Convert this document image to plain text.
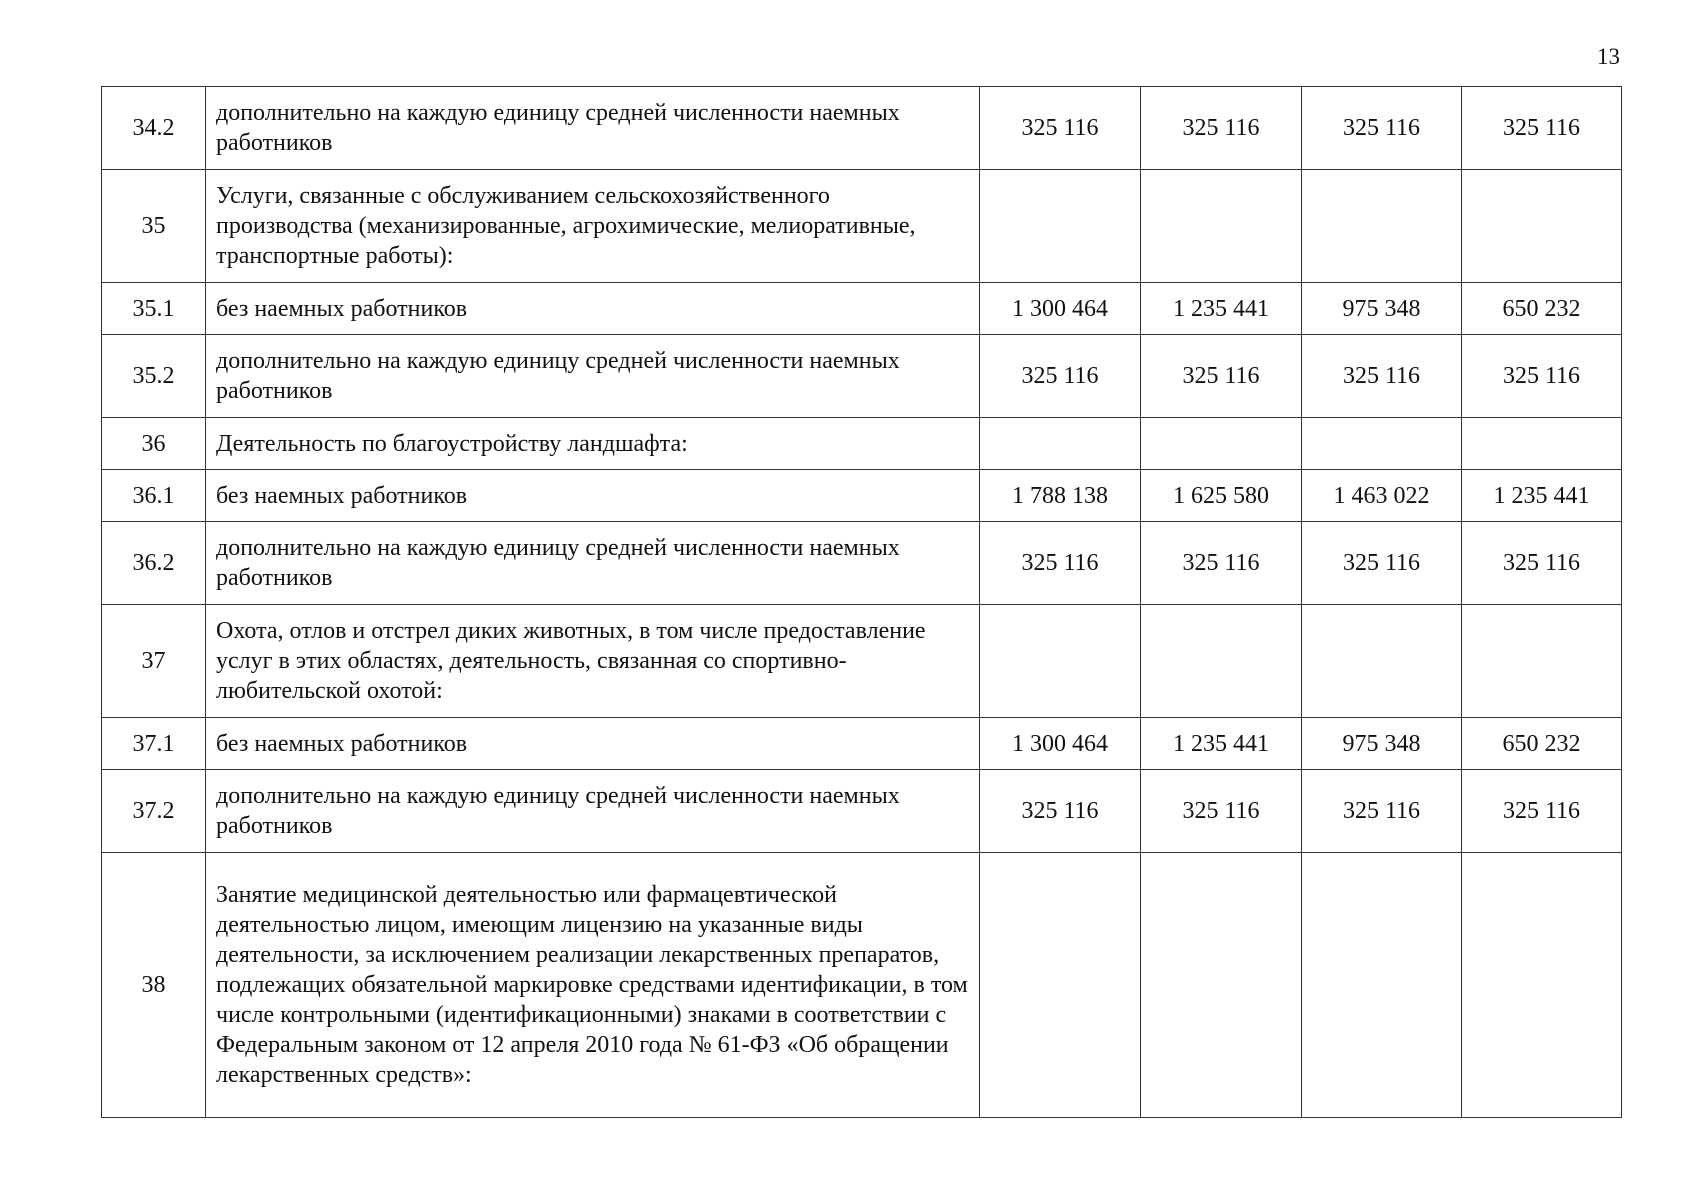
13
34.2	дополнительно на каждую единицу средней численности наемных работников	325 116	325 116	325 116	325 116
35	Услуги, связанные с обслуживанием сельскохозяйственного производства (механизированные, агрохимические, мелиоративные, транспортные работы):				
35.1	без наемных работников	1 300 464	1 235 441	975 348	650 232
35.2	дополнительно на каждую единицу средней численности наемных работников	325 116	325 116	325 116	325 116
36	Деятельность по благоустройству ландшафта:				
36.1	без наемных работников	1 788 138	1 625 580	1 463 022	1 235 441
36.2	дополнительно на каждую единицу средней численности наемных работников	325 116	325 116	325 116	325 116
37	Охота, отлов и отстрел диких животных, в том числе предоставление услуг в этих областях, деятельность, связанная со спортивно-любительской охотой:				
37.1	без наемных работников	1 300 464	1 235 441	975 348	650 232
37.2	дополнительно на каждую единицу средней численности наемных работников	325 116	325 116	325 116	325 116
38	Занятие медицинской деятельностью или фармацевтической деятельностью лицом, имеющим лицензию на указанные виды деятельности, за исключением реализации лекарственных препаратов, подлежащих обязательной маркировке средствами идентификации, в том числе контрольными (идентификационными) знаками в соответствии с Федеральным законом от 12 апреля 2010 года № 61-ФЗ «Об обращении лекарственных средств»:				
